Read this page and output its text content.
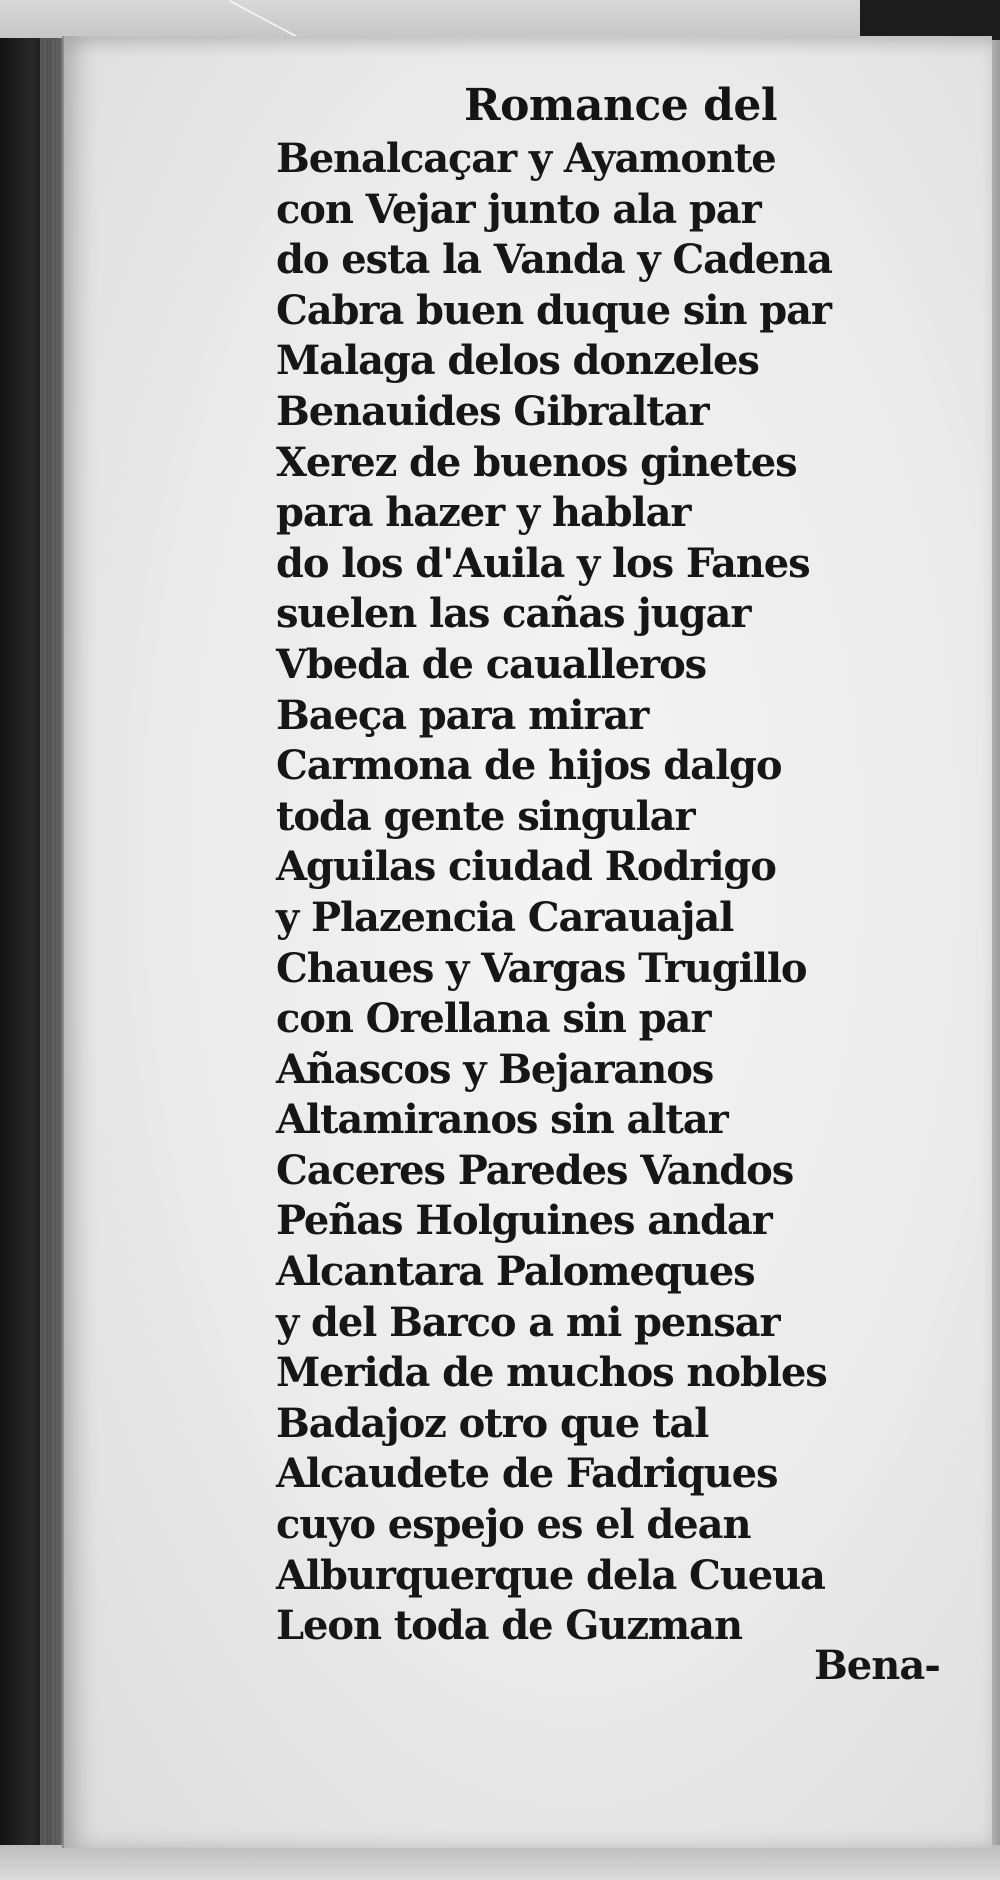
Romance del
Benalcaçar y Ayamonte
con Vejar junto ala par
do esta la Vanda y Cadena
Cabra buen duque sin par
Malaga delos donzeles
Benauides Gibraltar
Xerez de buenos ginetes
para hazer y hablar
do los d'Auila y los Fanes
suelen las cañas jugar
Vbeda de caualleros
Baeça para mirar
Carmona de hijos dalgo
toda gente singular
Aguilas ciudad Rodrigo
y Plazencia Carauajal
Chaues y Vargas Trugillo
con Orellana sin par
Añascos y Bejaranos
Altamiranos sin altar
Caceres Paredes Vandos
Peñas Holguines andar
Alcantara Palomeques
y del Barco a mi pensar
Merida de muchos nobles
Badajoz otro que tal
Alcaudete de Fadriques
cuyo espejo es el dean
Alburquerque dela Cueua
Leon toda de Guzman

Bena-
